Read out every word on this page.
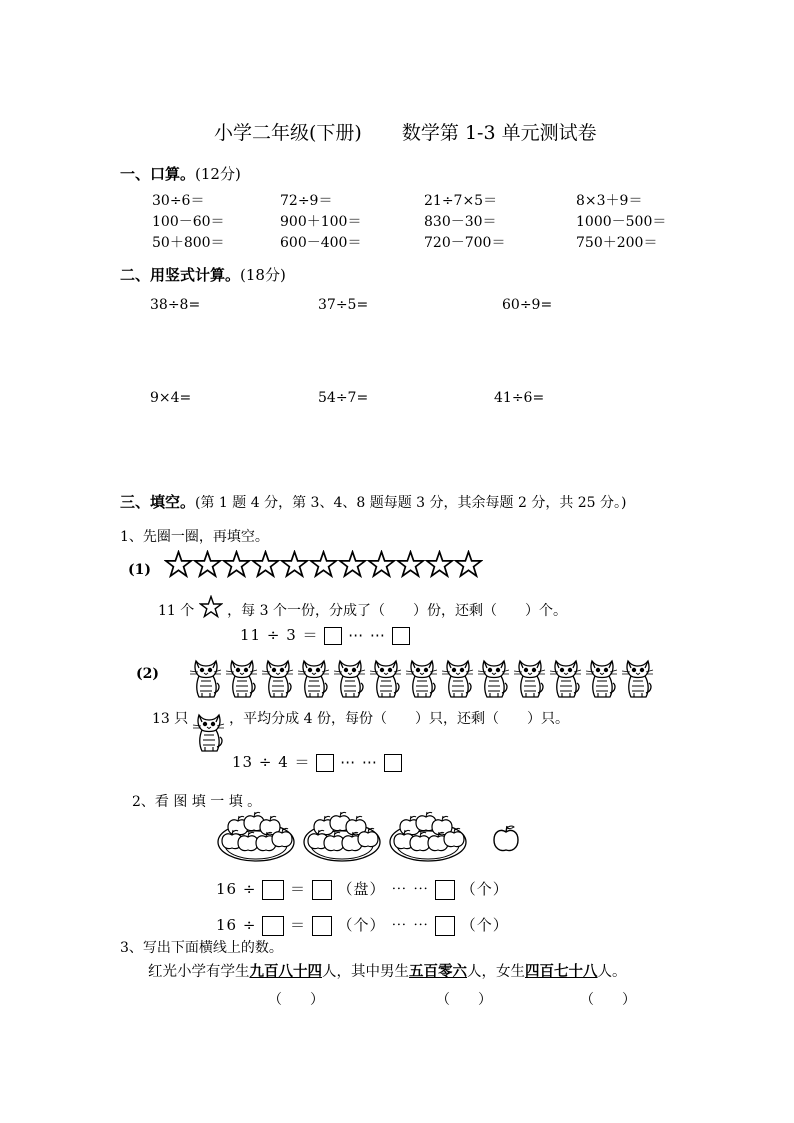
小学二年级(下册) 数学第 1-3 单元测试卷
一、口算。(12分)
30÷6＝	72÷9＝	21÷7×5＝	8×3＋9＝
100－60＝	900＋100＝	830－30＝	1000－500＝
50＋800＝	600－400＝	720－700＝	750＋200＝
二、用竖式计算。(18分)
38÷8=	37÷5=	60÷9=
9×4=	54÷7=	41÷6=
三、填空。(第 1 题 4 分，第 3、4、8 题每题 3 分，其余每题 2 分，共 25 分。)
1、先圈一圈，再填空。
(1)
11 个 ，每 3 个一份，分成了（　　）份，还剩（　　）个。
11 ÷ 3 ＝ ⋯ ⋯
(2)
13 只	，平均分成 4 份，每份（　　）只，还剩（　　）只。
13 ÷ 4 ＝ ⋯ ⋯
2、看 图 填 一 填 。
16 ÷  ＝  （盘） ⋯ ⋯ （个）
16 ÷  ＝  （个） ⋯ ⋯ （个）
3、写出下面横线上的数。
红光小学有学生九百八十四人，其中男生五百零六人，女生四百七十八人。
（　　）	（　　）	（　　）
